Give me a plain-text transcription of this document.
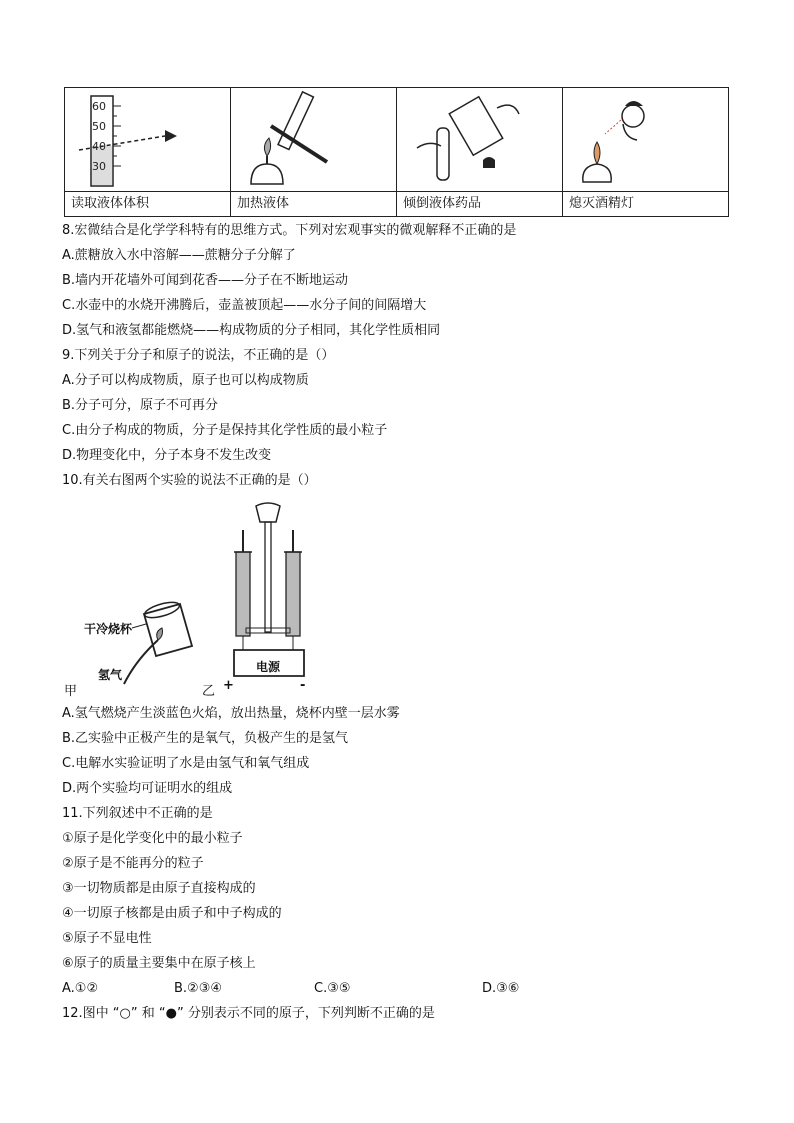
60
50
40
30

读取液体体积	加热液体	倾倒液体药品	熄灭酒精灯
8.宏微结合是化学学科特有的思维方式。下列对宏观事实的微观解释不正确的是
A.蔗糖放入水中溶解——蔗糖分子分解了
B.墙内开花墙外可闻到花香——分子在不断地运动
C.水壶中的水烧开沸腾后，壶盖被顶起——水分子间的间隔增大
D.氢气和液氢都能燃烧——构成物质的分子相同，其化学性质相同
9.下列关于分子和原子的说法，不正确的是（）
A.分子可以构成物质，原子也可以构成物质
B.分子可分，原子不可再分
C.由分子构成的物质，分子是保持其化学性质的最小粒子
D.物理变化中，分子本身不发生改变
10.有关右图两个实验的说法不正确的是（）
干冷烧杯
氢气
甲
电源
乙 +	-
A.氢气燃烧产生淡蓝色火焰，放出热量，烧杯内壁一层水雾
B.乙实验中正极产生的是氧气，负极产生的是氢气
C.电解水实验证明了水是由氢气和氧气组成
D.两个实验均可证明水的组成
11.下列叙述中不正确的是
①原子是化学变化中的最小粒子
②原子是不能再分的粒子
③一切物质都是由原子直接构成的
④一切原子核都是由质子和中子构成的
⑤原子不显电性
⑥原子的质量主要集中在原子核上
A.①②	B.②③④	C.③⑤	D.③⑥
12.图中 “○” 和 “●” 分别表示不同的原子，下列判断不正确的是
